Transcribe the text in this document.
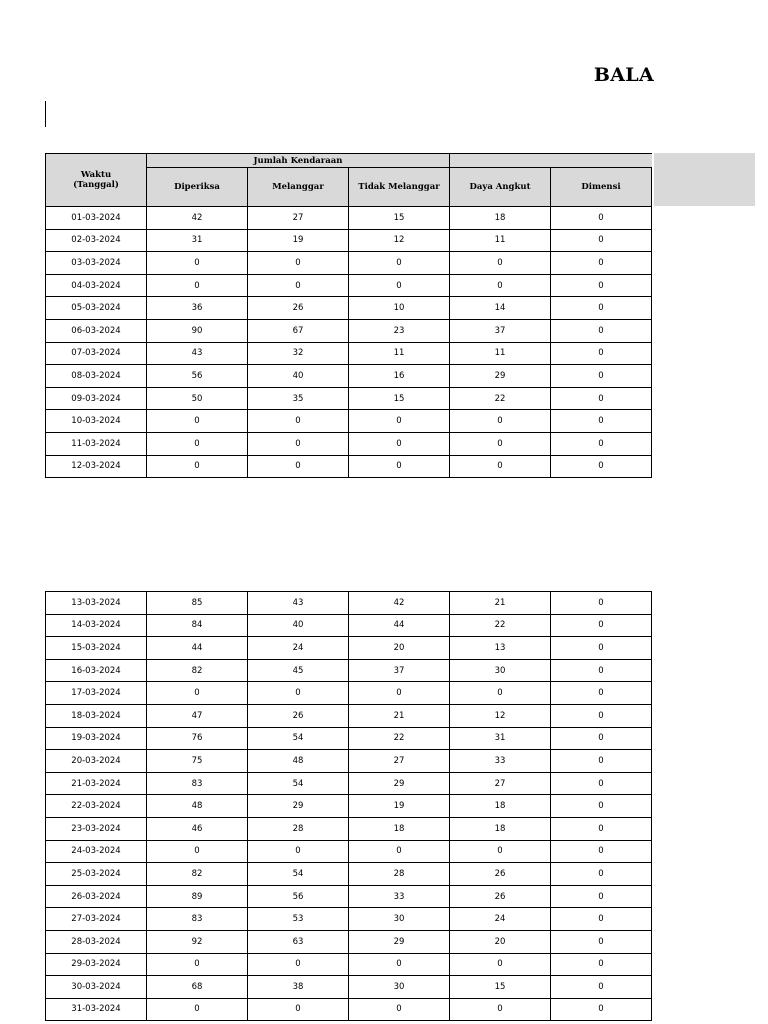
BALA
Waktu
(Tanggal)	Jumlah Kendaraan				
	Diperiksa	Melanggar	Tidak Melanggar	Daya Angkut	Dimensi
01-03-2024	42	27	15	18	0
02-03-2024	31	19	12	11	0
03-03-2024	0	0	0	0	0
04-03-2024	0	0	0	0	0
05-03-2024	36	26	10	14	0
06-03-2024	90	67	23	37	0
07-03-2024	43	32	11	11	0
08-03-2024	56	40	16	29	0
09-03-2024	50	35	15	22	0
10-03-2024	0	0	0	0	0
11-03-2024	0	0	0	0	0
12-03-2024	0	0	0	0	0
13-03-2024	85	43	42	21	0
14-03-2024	84	40	44	22	0
15-03-2024	44	24	20	13	0
16-03-2024	82	45	37	30	0
17-03-2024	0	0	0	0	0
18-03-2024	47	26	21	12	0
19-03-2024	76	54	22	31	0
20-03-2024	75	48	27	33	0
21-03-2024	83	54	29	27	0
22-03-2024	48	29	19	18	0
23-03-2024	46	28	18	18	0
24-03-2024	0	0	0	0	0
25-03-2024	82	54	28	26	0
26-03-2024	89	56	33	26	0
27-03-2024	83	53	30	24	0
28-03-2024	92	63	29	20	0
29-03-2024	0	0	0	0	0
30-03-2024	68	38	30	15	0
31-03-2024	0	0	0	0	0
